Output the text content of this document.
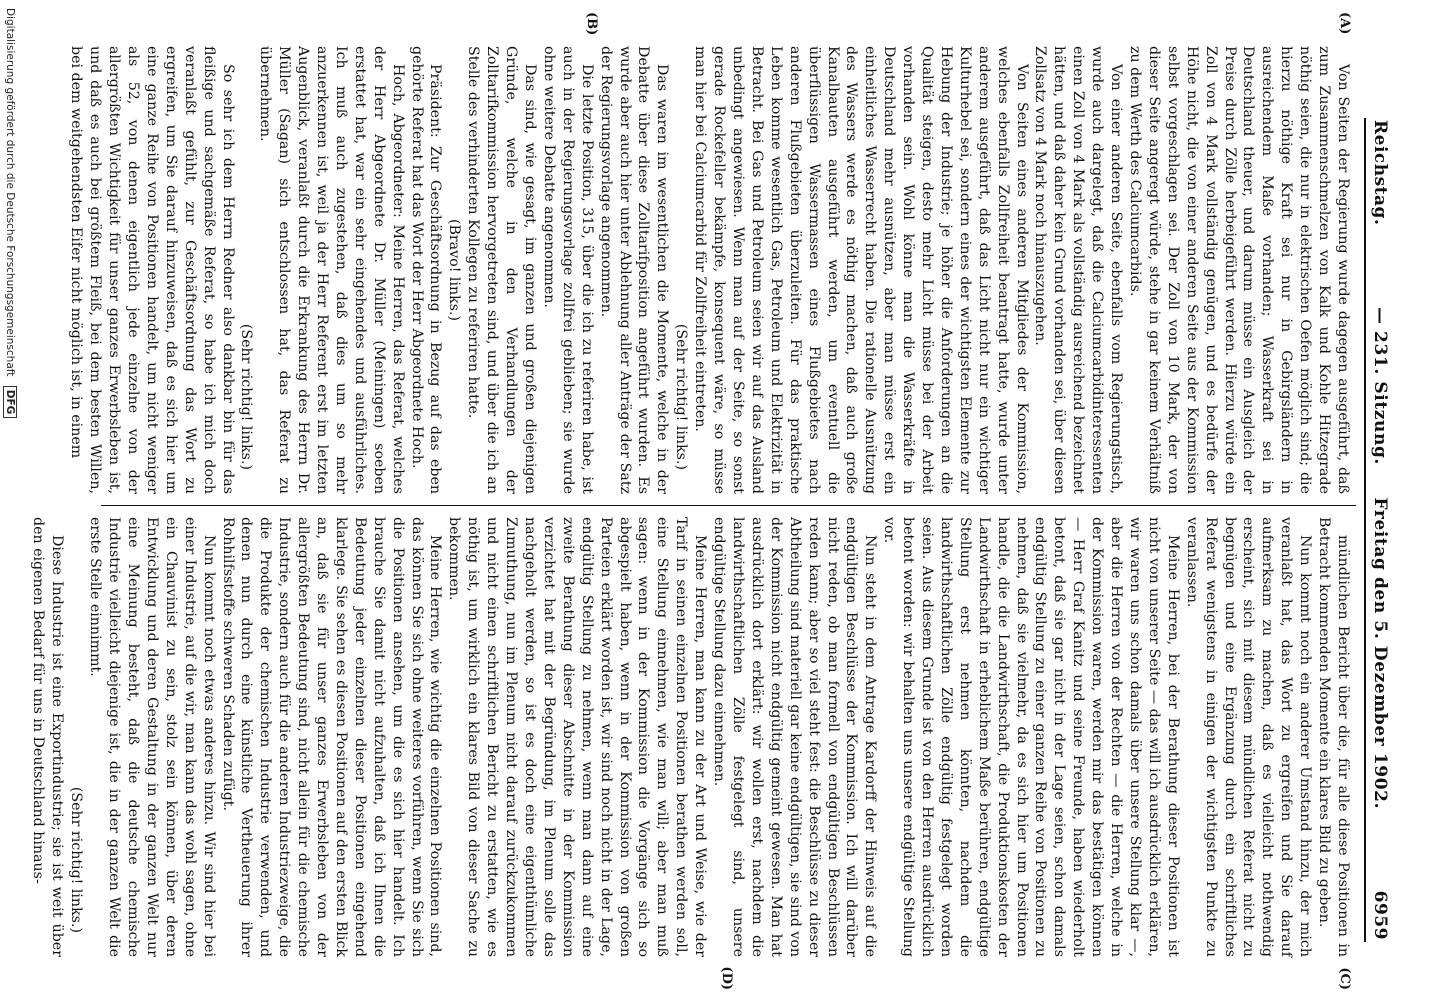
Reichstag.
— 231. Sitzung.     Freitag den 5. Dezember 1902.
6959
(A)
(B)
(C)
(D)

Von Seiten der Regierung wurde dagegen ausgeführt, daß zum Zusammenschmelzen von Kalk und Kohle Hitzegrade nöthig seien, die nur in elektrischen Oefen möglich sind; die hierzu nöthige Kraft sei nur in Gebirgsländern in ausreichendem Maße vorhanden; Wasserkraft sei in Deutschland theuer, und darum müsse ein Ausgleich der Preise durch Zölle herbeigeführt werden. Hierzu würde ein Zoll von 4 Mark vollständig genügen, und es bedürfe der Höhe nicht, die von einer anderen Seite aus der Kommission selbst vorgeschlagen sei. Der Zoll von 10 Mark, der von dieser Seite angeregt würde, stehe in gar keinem Verhältniß zu dem Werth des Calciumcarbids.

Von einer anderen Seite, ebenfalls vom Regierungstisch, wurde auch dargelegt, daß die Calciumcarbidinteressenten einen Zoll von 4 Mark als vollständig ausreichend bezeichnet hätten, und daß daher kein Grund vorhanden sei, über diesen Zollsatz von 4 Mark noch hinauszugehen.

Von Seiten eines anderen Mitgliedes der Kommission, welches ebenfalls Zollfreiheit beantragt hatte, wurde unter anderem ausgeführt, daß das Licht nicht nur ein wichtiger Kulturhebel sei, sondern eines der wichtigsten Elemente zur Hebung der Industrie; je höher die Anforderungen an die Qualität steigen, desto mehr Licht müsse bei der Arbeit vorhanden sein. Wohl könne man die Wasserkräfte in Deutschland mehr ausnützen, aber man müsse erst ein einheitliches Wasserrecht haben. Die rationelle Ausnützung des Wassers werde es nöthig machen, daß auch große Kanalbauten ausgeführt werden, um eventuell die überflüssigen Wassermassen eines Flußgebietes nach anderen Flußgebieten überzuleiten. Für das praktische Leben komme wesentlich Gas, Petroleum und Elektrizität in Betracht. Bei Gas und Petroleum seien wir auf das Ausland unbedingt angewiesen. Wenn man auf der Seite, so sonst gerade Rockefeller bekämpfe, konsequent wäre, so müsse man hier bei Calciumcarbid für Zollfreiheit eintreten.

(Sehr richtig! links.)

Das waren im wesentlichen die Momente, welche in der Debatte über diese Zolltarifposition angeführt wurden. Es wurde aber auch hier unter Ablehnung aller Anträge der Satz der Regierungsvorlage angenommen.

Die letzte Position, 315, über die ich zu referiren habe, ist auch in der Regierungsvorlage zollfrei geblieben; sie wurde ohne weitere Debatte angenommen.

Das sind, wie gesagt, im ganzen und großen diejenigen Gründe, welche in den Verhandlungen der Zolltarifkommission hervorgetreten sind, und über die ich an Stelle des verhinderten Kollegen zu referiren hatte.

(Bravo! links.)

Präsident: Zur Geschäftsordnung in Bezug auf das eben gehörte Referat hat das Wort der Herr Abgeordnete Hoch.

Hoch, Abgeordneter: Meine Herren, das Referat, welches der Herr Abgeordnete Dr. Müller (Meiningen) soeben erstattet hat, war ein sehr eingehendes und ausführliches. Ich muß auch zugestehen, daß dies um so mehr anzuerkennen ist, weil ja der Herr Referent erst im letzten Augenblick, veranlaßt durch die Erkrankung des Herrn Dr. Müller (Sagan) sich entschlossen hat, das Referat zu übernehmen.

(Sehr richtig! links.)

So sehr ich dem Herrn Redner also dankbar bin für das fleißige und sachgemäße Referat, so habe ich mich doch veranlaßt gefühlt, zur Geschäftsordnung das Wort zu ergreifen, um Sie darauf hinzuweisen, daß es sich hier um eine ganze Reihe von Positionen handelt, um nicht weniger als 52, von denen eigentlich jede einzelne von der allergrößten Wichtigkeit für unser ganzes Erwerbsleben ist, und daß es auch bei größtem Fleiß, bei dem besten Willen, bei dem weitgehendsten Eifer nicht möglich ist, in einem

mündlichen Bericht über die, für alle diese Positionen in Betracht kommenden Momente ein klares Bild zu geben.

Nun kommt noch ein anderer Umstand hinzu, der mich veranlaßt hat, das Wort zu ergreifen und Sie darauf aufmerksam zu machen, daß es vielleicht nothwendig erscheint, sich mit diesem mündlichen Referat nicht zu begnügen und eine Ergänzung durch ein schriftliches Referat wenigstens in einigen der wichtigsten Punkte zu veranlassen.

Meine Herren, bei der Berathung dieser Positionen ist nicht von unserer Seite — das will ich ausdrücklich erklären, wir waren uns schon damals über unsere Stellung klar —, aber die Herren von der Rechten — die Herren, welche in der Kommission waren, werden mir das bestätigen können — Herr Graf Kanitz und seine Freunde, haben wiederholt betont, daß sie gar nicht in der Lage seien, schon damals endgültig Stellung zu einer ganzen Reihe von Positionen zu nehmen, daß sie vielmehr, da es sich hier um Positionen handle, die die Landwirthschaft, die Produktionskosten der Landwirthschaft in erheblichem Maße berühren, endgültige Stellung erst nehmen könnten, nachdem die landwirthschaftlichen Zölle endgültig festgelegt worden seien. Aus diesem Grunde ist von den Herren ausdrücklich betont worden: wir behalten uns unsere endgültige Stellung vor.

Nun steht in dem Antrage Kardorff der Hinweis auf die endgültigen Beschlüsse der Kommission. Ich will darüber nicht reden, ob man formell von endgültigen Beschlüssen reden kann; aber so viel steht fest: die Beschlüsse zu dieser Abtheilung sind materiell gar keine endgültigen, sie sind von der Kommission nicht endgültig gemeint gewesen. Man hat ausdrücklich dort erklärt: wir wollen erst, nachdem die landwirthschaftlichen Zölle festgelegt sind, unsere endgültige Stellung dazu einnehmen.

Meine Herren, man kann zu der Art und Weise, wie der Tarif in seinen einzelnen Positionen berathen werden soll, eine Stellung einnehmen, wie man will; aber man muß sagen: wenn in der Kommission die Vorgänge sich so abgespielt haben, wenn in der Kommission von großen Parteien erklärt worden ist, wir sind noch nicht in der Lage, endgültig Stellung zu nehmen, wenn man dann auf eine zweite Berathung dieser Abschnitte in der Kommission verzichtet hat mit der Begründung, im Plenum solle das nachgeholt werden, so ist es doch eine eigenthümliche Zumuthung, nun im Plenum nicht darauf zurückzukommen und nicht einen schriftlichen Bericht zu erstatten, wie es nöthig ist, um wirklich ein klares Bild von dieser Sache zu bekommen.

Meine Herren, wie wichtig die einzelnen Positionen sind, das können Sie sich ohne weiteres vorführen, wenn Sie sich die Positionen ansehen, um die es sich hier handelt. Ich brauche Sie damit nicht aufzuhalten, daß ich Ihnen die Bedeutung jeder einzelnen dieser Positionen eingehend klarlege. Sie sehen es diesen Positionen auf den ersten Blick an, daß sie für unser ganzes Erwerbsleben von der allergrößten Bedeutung sind, nicht allein für die chemische Industrie, sondern auch für die anderen Industriezweige, die die Produkte der chemischen Industrie verwenden, und denen nun durch eine künstliche Vertheuerung ihrer Rohhilfsstoffe schweren Schaden zufügt.

Nun kommt noch etwas anderes hinzu. Wir sind hier bei einer Industrie, auf die wir, man kann das wohl sagen, ohne ein Chauvinist zu sein, stolz sein können, über deren Entwicklung und deren Gestaltung in der ganzen Welt nur eine Meinung besteht, daß die deutsche chemische Industrie vielleicht diejenige ist, die in der ganzen Welt die erste Stelle einnimmt.

(Sehr richtig! links.)

Diese Industrie ist eine Exportindustrie; sie ist weit über den eigenen Bedarf für uns in Deutschland hinaus-

Digitalisierung gefördert durch die Deutsche Forschungsgemeinschaft DFG
